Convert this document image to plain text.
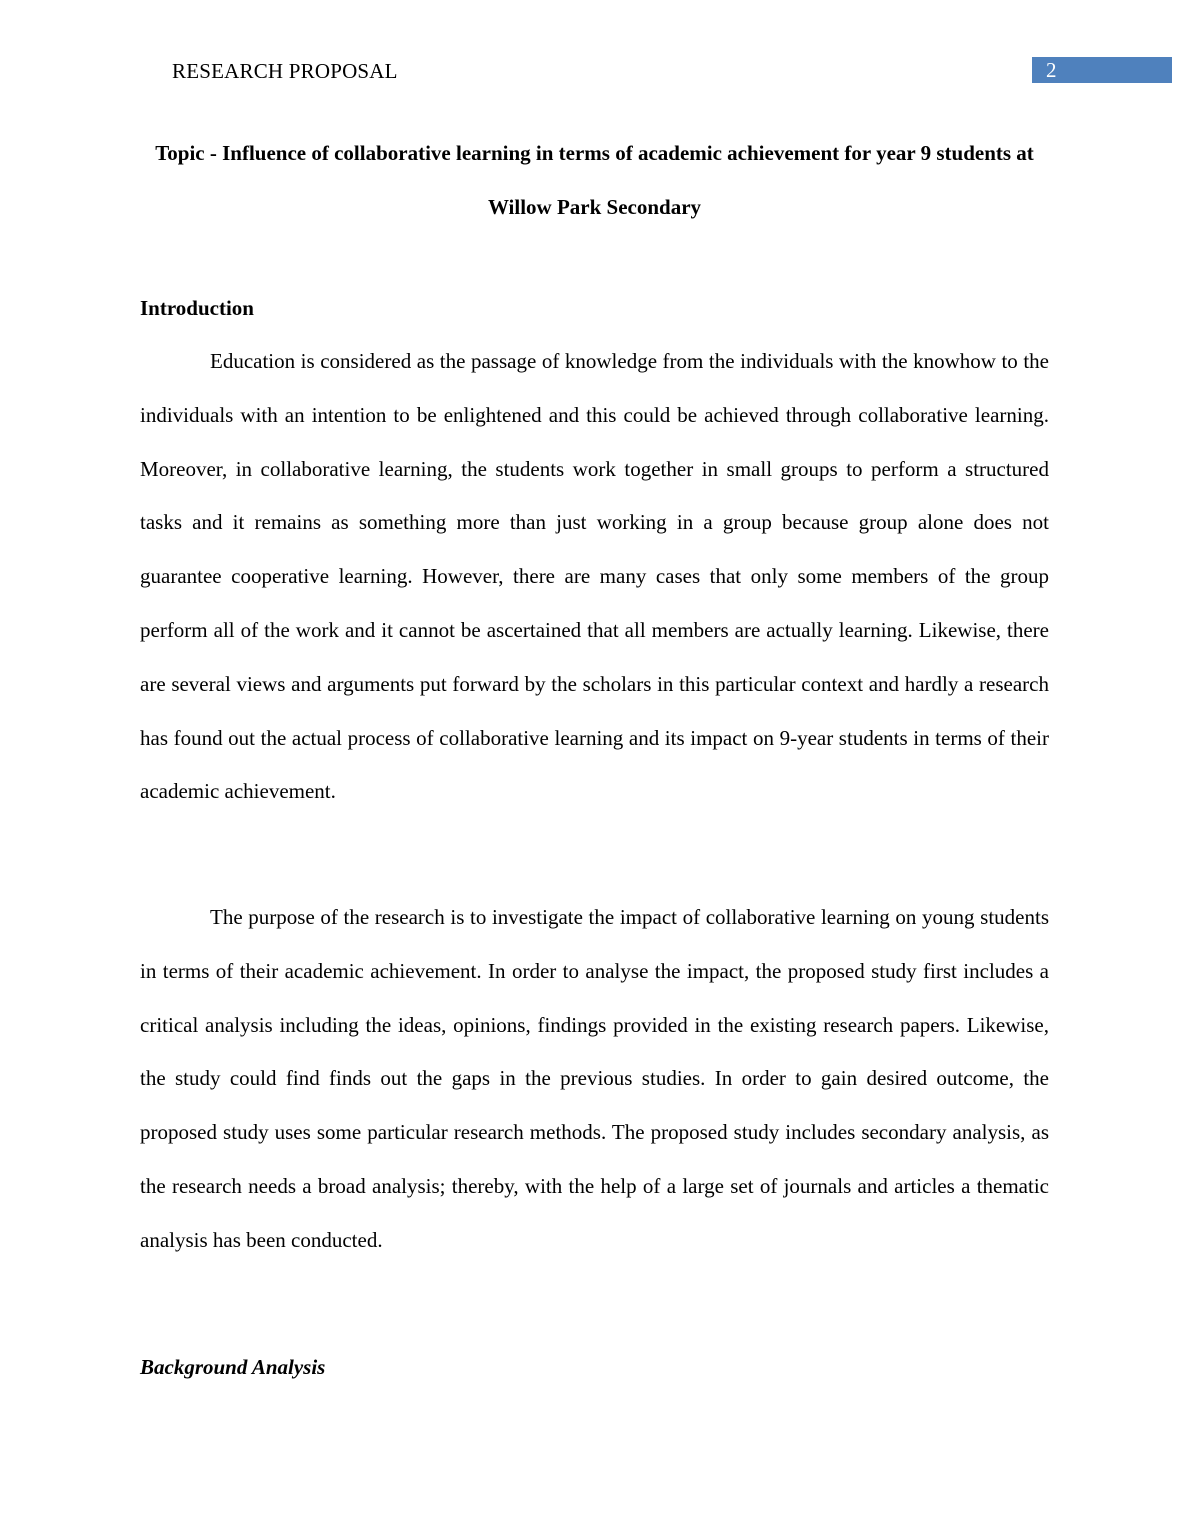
RESEARCH PROPOSAL	2
Topic - Influence of collaborative learning in terms of academic achievement for year 9 students at Willow Park Secondary
Introduction

Education is considered as the passage of knowledge from the individuals with the knowhow to the individuals with an intention to be enlightened and this could be achieved through collaborative learning. Moreover, in collaborative learning, the students work together in small groups to perform a structured tasks and it remains as something more than just working in a group because group alone does not guarantee cooperative learning. However, there are many cases that only some members of the group perform all of the work and it cannot be ascertained that all members are actually learning. Likewise, there are several views and arguments put forward by the scholars in this particular context and hardly a research has found out the actual process of collaborative learning and its impact on 9-year students in terms of their academic achievement.

The purpose of the research is to investigate the impact of collaborative learning on young students in terms of their academic achievement. In order to analyse the impact, the proposed study first includes a critical analysis including the ideas, opinions, findings provided in the existing research papers. Likewise, the study could find finds out the gaps in the previous studies. In order to gain desired outcome, the proposed study uses some particular research methods. The proposed study includes secondary analysis, as the research needs a broad analysis; thereby, with the help of a large set of journals and articles a thematic analysis has been conducted.

Background Analysis
